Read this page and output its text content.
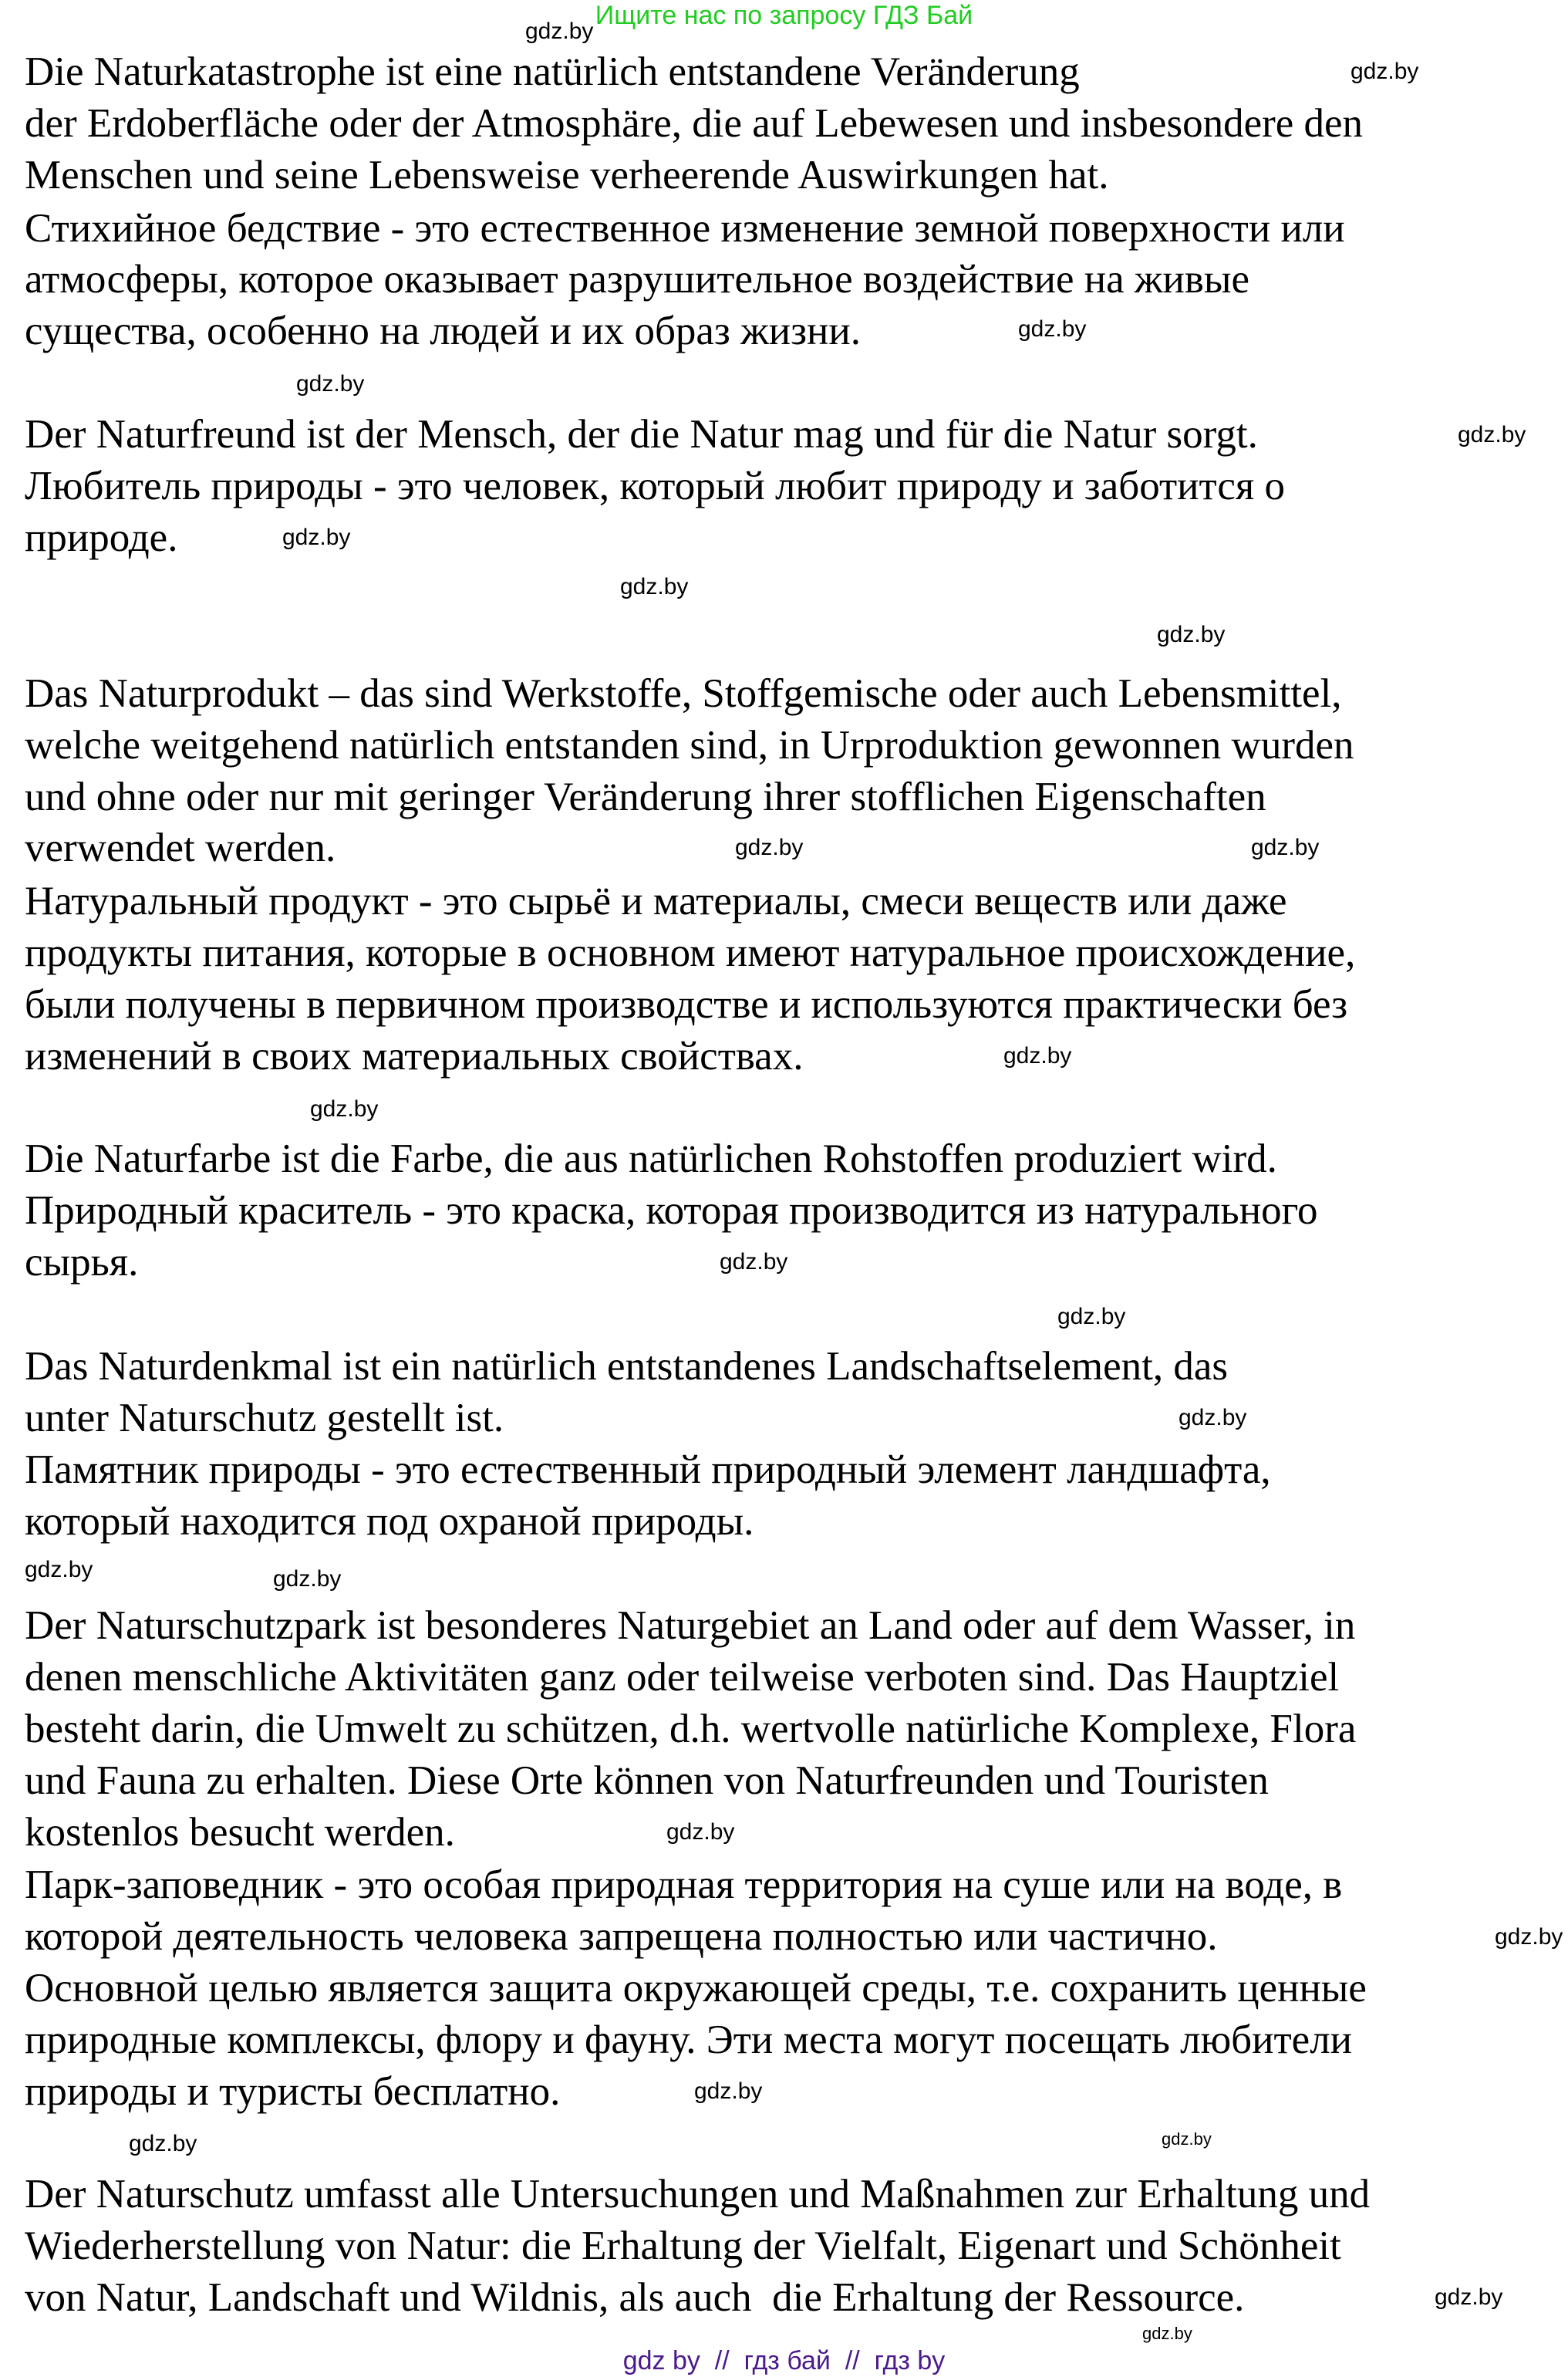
Ищите нас по запросу ГДЗ Бай
Die Naturkatastrophe ist eine natürlich entstandene Veränderung
der Erdoberfläche oder der Atmosphäre, die auf Lebewesen und insbesondere den
Menschen und seine Lebensweise verheerende Auswirkungen hat.
Стихийное бедствие - это естественное изменение земной поверхности или
атмосферы, которое оказывает разрушительное воздействие на живые
существа, особенно на людей и их образ жизни.
Der Naturfreund ist der Mensch, der die Natur mag und für die Natur sorgt.
Любитель природы - это человек, который любит природу и заботится о
природе.
Das Naturprodukt – das sind Werkstoffe, Stoffgemische oder auch Lebensmittel,
welche weitgehend natürlich entstanden sind, in Urproduktion gewonnen wurden
und ohne oder nur mit geringer Veränderung ihrer stofflichen Eigenschaften
verwendet werden.
Натуральный продукт - это сырьё и материалы, смеси веществ или даже
продукты питания, которые в основном имеют натуральное происхождение,
были получены в первичном производстве и используются практически без
изменений в своих материальных свойствах.
Die Naturfarbe ist die Farbe, die aus natürlichen Rohstoffen produziert wird.
Природный краситель - это краска, которая производится из натурального
сырья.
Das Naturdenkmal ist ein natürlich entstandenes Landschaftselement, das
unter Naturschutz gestellt ist.
Памятник природы - это естественный природный элемент ландшафта,
который находится под охраной природы.
Der Naturschutzpark ist besonderes Naturgebiet an Land oder auf dem Wasser, in
denen menschliche Aktivitäten ganz oder teilweise verboten sind. Das Hauptziel
besteht darin, die Umwelt zu schützen, d.h. wertvolle natürliche Komplexe, Flora
und Fauna zu erhalten. Diese Orte können von Naturfreunden und Touristen
kostenlos besucht werden.
Парк-заповедник - это особая природная территория на суше или на воде, в
которой деятельность человека запрещена полностью или частично.
Основной целью является защита окружающей среды, т.е. сохранить ценные
природные комплексы, флору и фауну. Эти места могут посещать любители
природы и туристы бесплатно.
Der Naturschutz umfasst alle Untersuchungen und Maßnahmen zur Erhaltung und
Wiederherstellung von Natur: die Erhaltung der Vielfalt, Eigenart und Schönheit
von Natur, Landschaft und Wildnis, als auch  die Erhaltung der Ressource.
gdz.by
gdz.by
gdz.by
gdz.by
gdz.by
gdz.by
gdz.by
gdz.by
gdz.by	gdz.by
gdz.by
gdz.by
gdz.by
gdz.by
gdz.by
gdz.by	gdz.by
gdz.by
gdz.by
gdz.by
gdz.by
gdz.by
gdz.by
gdz.by
gdz by  //  гдз бай  //  гдз by
